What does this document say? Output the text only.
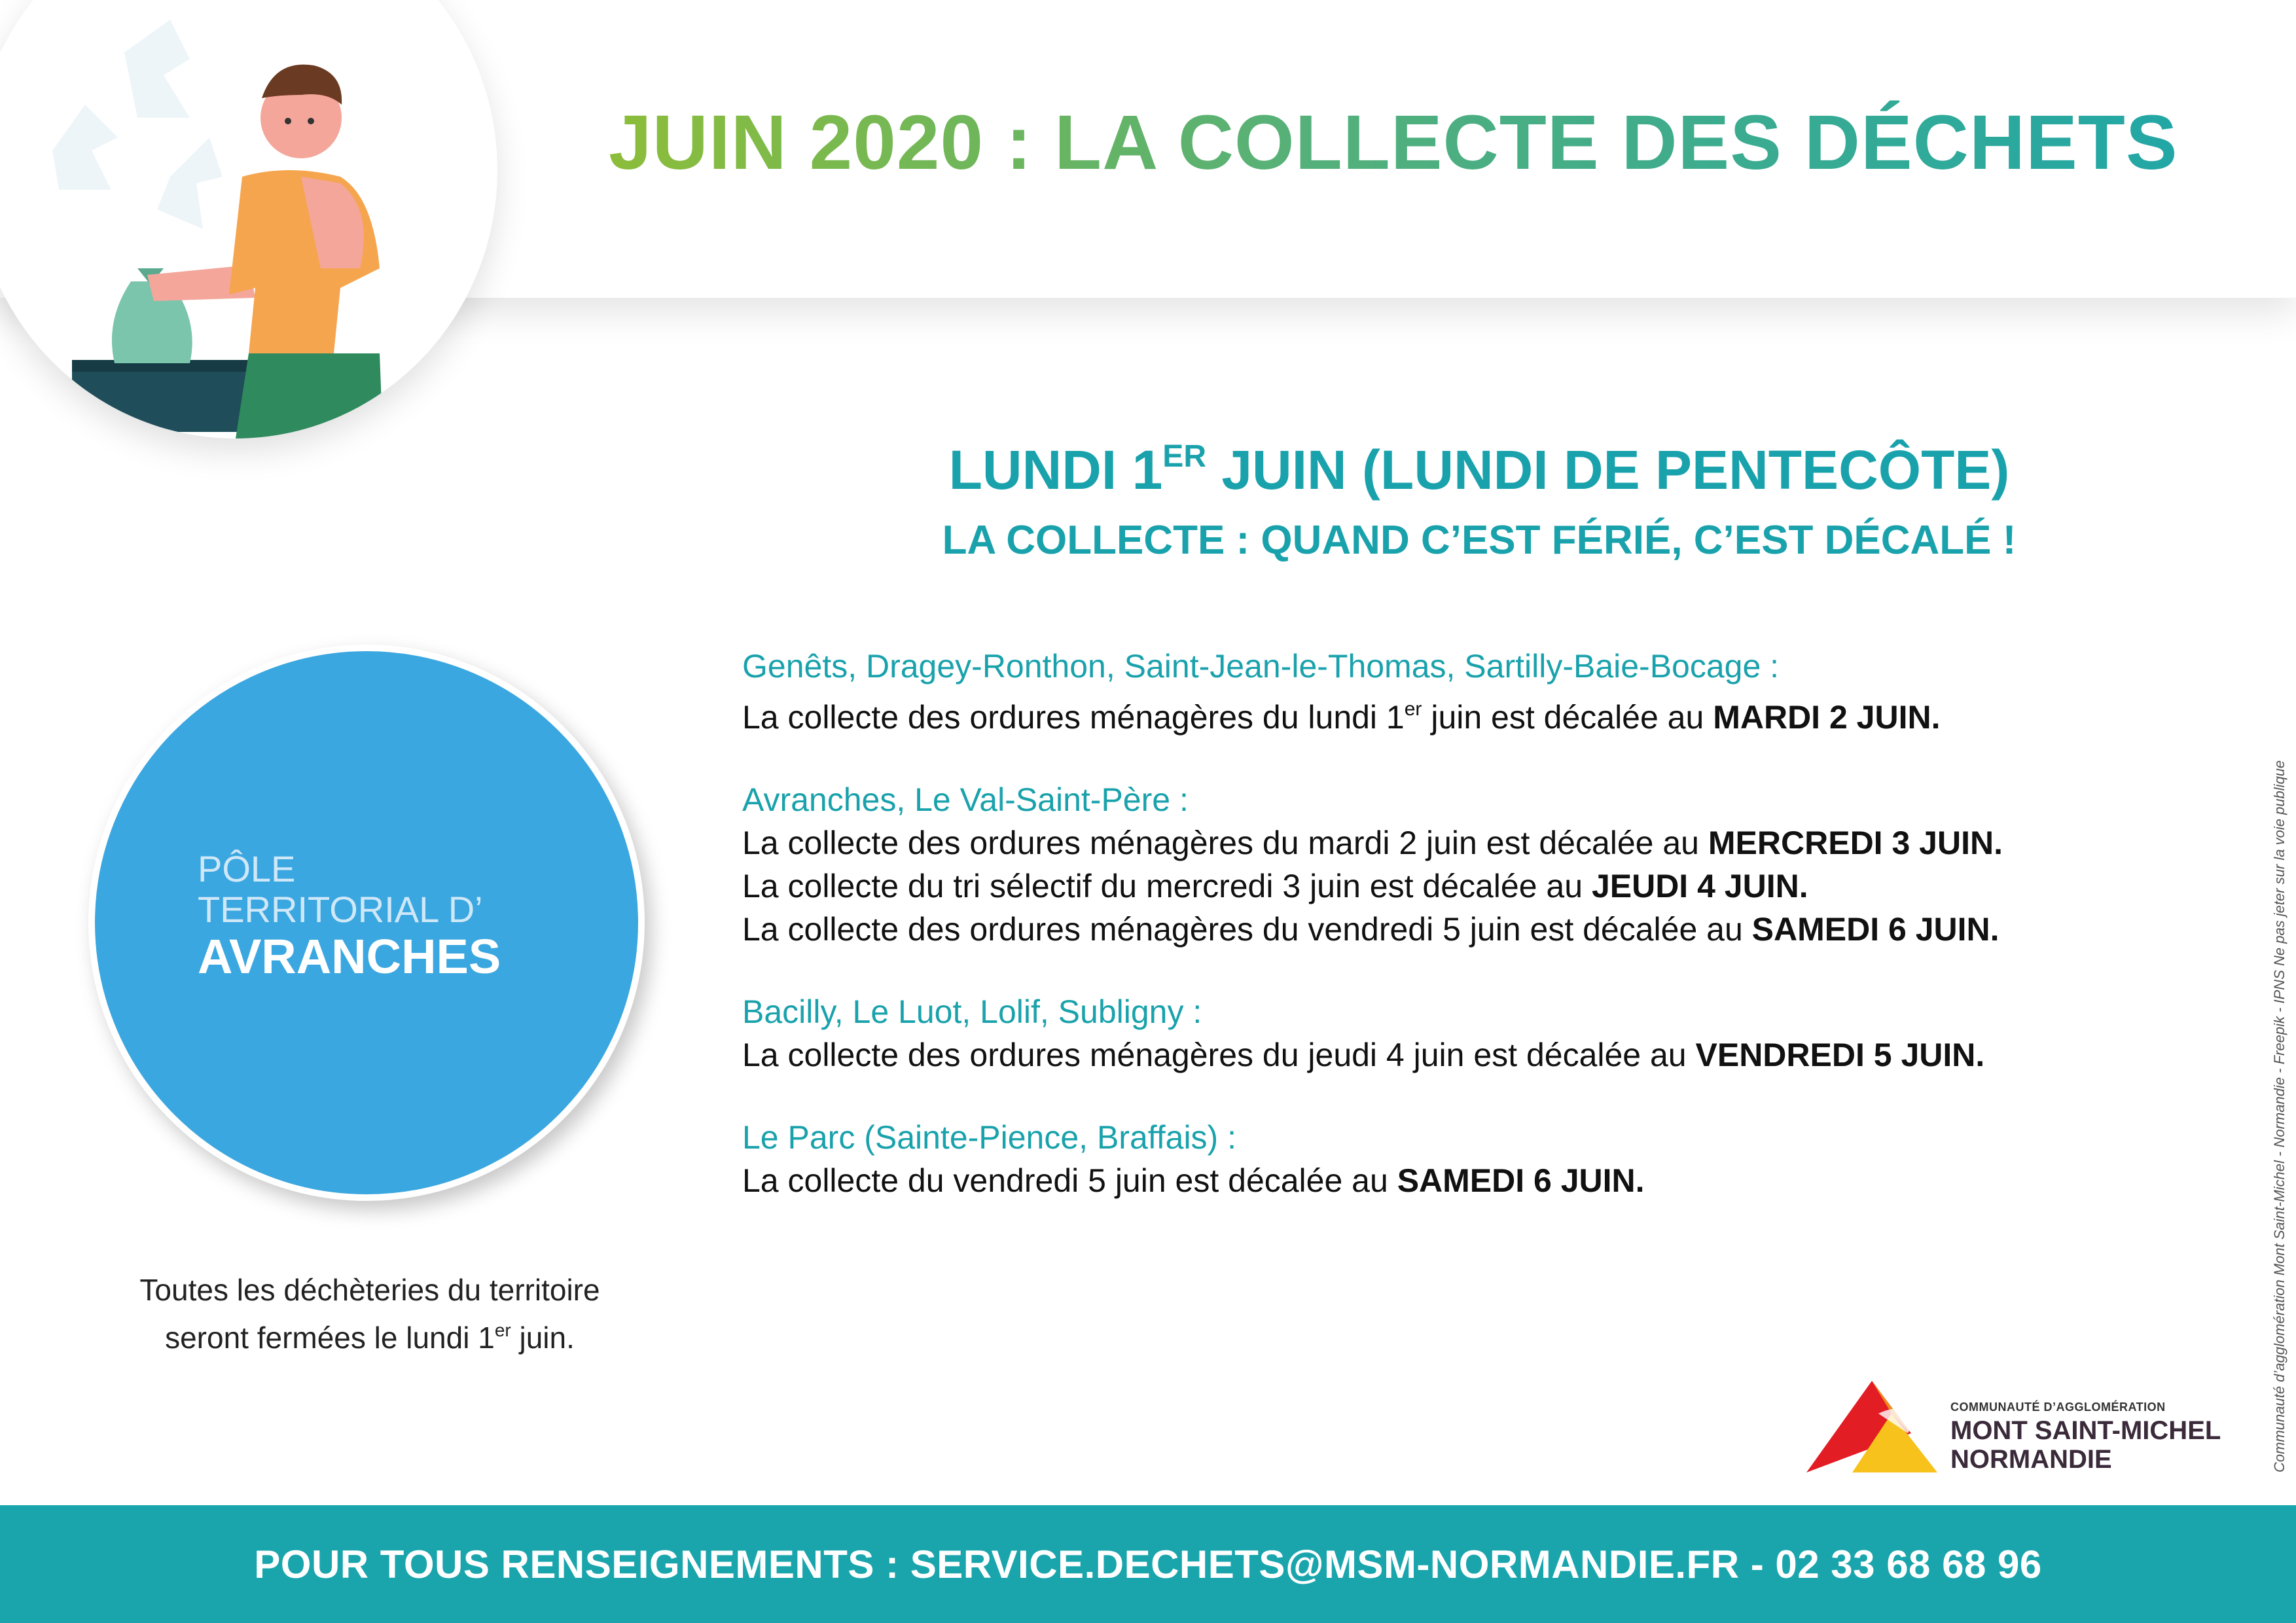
JUIN 2020 : LA COLLECTE DES DÉCHETS
LUNDI 1ER JUIN (LUNDI DE PENTECÔTE)
LA COLLECTE : QUAND C’EST FÉRIÉ, C’EST DÉCALÉ !
PÔLE
TERRITORIAL D’
AVRANCHES
Toutes les déchèteries du territoire
seront fermées le lundi 1er juin.
Genêts, Dragey-Ronthon, Saint-Jean-le-Thomas, Sartilly-Baie-Bocage :
La collecte des ordures ménagères du lundi 1er juin est décalée au MARDI 2 JUIN.
Avranches, Le Val-Saint-Père :
La collecte des ordures ménagères du mardi 2 juin est décalée au MERCREDI 3 JUIN.
La collecte du tri sélectif du mercredi 3 juin est décalée au JEUDI 4 JUIN.
La collecte des ordures ménagères du vendredi 5 juin est décalée au SAMEDI 6 JUIN.
Bacilly, Le Luot, Lolif, Subligny :
La collecte des ordures ménagères du jeudi 4 juin est décalée au VENDREDI 5 JUIN.
Le Parc (Sainte-Pience, Braffais) :
La collecte du vendredi 5 juin est décalée au SAMEDI 6 JUIN.
COMMUNAUTÉ D’AGGLOMÉRATION
MONT SAINT-MICHEL
NORMANDIE	Communauté d’agglomération Mont Saint-Michel - Normandie - Freepik - IPNS Ne pas jeter sur la voie publique
POUR TOUS RENSEIGNEMENTS : SERVICE.DECHETS@MSM-NORMANDIE.FR - 02 33 68 68 96
